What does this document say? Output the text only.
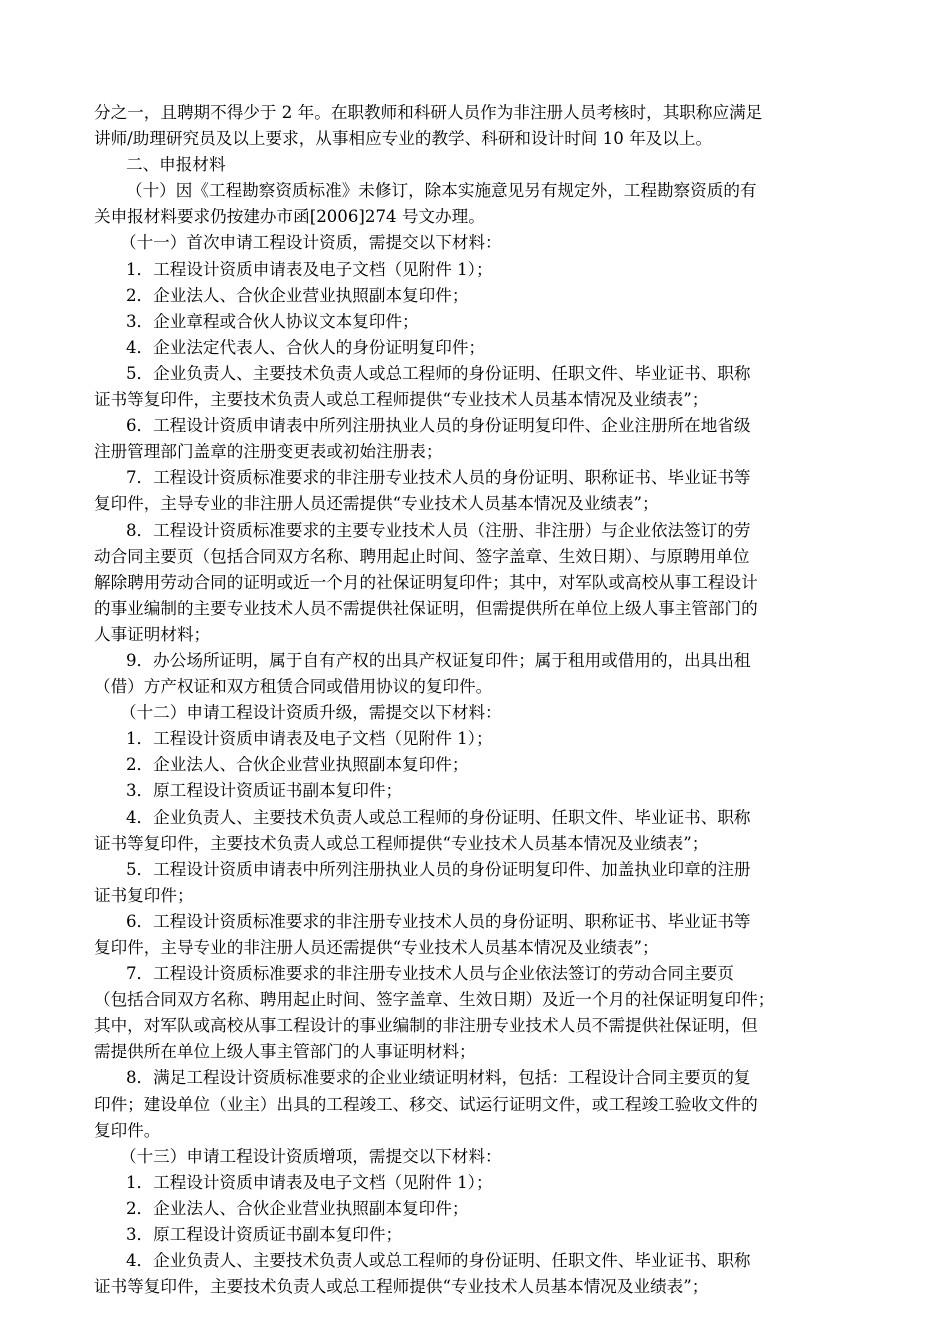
分之一，且聘期不得少于 2 年。在职教师和科研人员作为非注册人员考核时，其职称应满足

讲师/助理研究员及以上要求，从事相应专业的教学、科研和设计时间 10 年及以上。

二、申报材料

（十）因《工程勘察资质标准》未修订，除本实施意见另有规定外，工程勘察资质的有

关申报材料要求仍按建办市函[2006]274 号文办理。

（十一）首次申请工程设计资质，需提交以下材料：

1．工程设计资质申请表及电子文档（见附件 1）；

2．企业法人、合伙企业营业执照副本复印件；

3．企业章程或合伙人协议文本复印件；

4．企业法定代表人、合伙人的身份证明复印件；

5．企业负责人、主要技术负责人或总工程师的身份证明、任职文件、毕业证书、职称

证书等复印件，主要技术负责人或总工程师提供“专业技术人员基本情况及业绩表”；

6．工程设计资质申请表中所列注册执业人员的身份证明复印件、企业注册所在地省级

注册管理部门盖章的注册变更表或初始注册表；

7．工程设计资质标准要求的非注册专业技术人员的身份证明、职称证书、毕业证书等

复印件，主导专业的非注册人员还需提供“专业技术人员基本情况及业绩表”；

8．工程设计资质标准要求的主要专业技术人员（注册、非注册）与企业依法签订的劳

动合同主要页（包括合同双方名称、聘用起止时间、签字盖章、生效日期）、与原聘用单位

解除聘用劳动合同的证明或近一个月的社保证明复印件；其中，对军队或高校从事工程设计

的事业编制的主要专业技术人员不需提供社保证明，但需提供所在单位上级人事主管部门的

人事证明材料；

9．办公场所证明，属于自有产权的出具产权证复印件；属于租用或借用的，出具出租

（借）方产权证和双方租赁合同或借用协议的复印件。

（十二）申请工程设计资质升级，需提交以下材料：

1．工程设计资质申请表及电子文档（见附件 1）；

2．企业法人、合伙企业营业执照副本复印件；

3．原工程设计资质证书副本复印件；

4．企业负责人、主要技术负责人或总工程师的身份证明、任职文件、毕业证书、职称

证书等复印件，主要技术负责人或总工程师提供“专业技术人员基本情况及业绩表”；

5．工程设计资质申请表中所列注册执业人员的身份证明复印件、加盖执业印章的注册

证书复印件；

6．工程设计资质标准要求的非注册专业技术人员的身份证明、职称证书、毕业证书等

复印件，主导专业的非注册人员还需提供“专业技术人员基本情况及业绩表”；

7．工程设计资质标准要求的非注册专业技术人员与企业依法签订的劳动合同主要页

（包括合同双方名称、聘用起止时间、签字盖章、生效日期）及近一个月的社保证明复印件；

其中，对军队或高校从事工程设计的事业编制的非注册专业技术人员不需提供社保证明，但

需提供所在单位上级人事主管部门的人事证明材料；

8．满足工程设计资质标准要求的企业业绩证明材料，包括：工程设计合同主要页的复

印件；建设单位（业主）出具的工程竣工、移交、试运行证明文件，或工程竣工验收文件的

复印件。

（十三）申请工程设计资质增项，需提交以下材料：

1．工程设计资质申请表及电子文档（见附件 1）；

2．企业法人、合伙企业营业执照副本复印件；

3．原工程设计资质证书副本复印件；

4．企业负责人、主要技术负责人或总工程师的身份证明、任职文件、毕业证书、职称

证书等复印件，主要技术负责人或总工程师提供“专业技术人员基本情况及业绩表”；
